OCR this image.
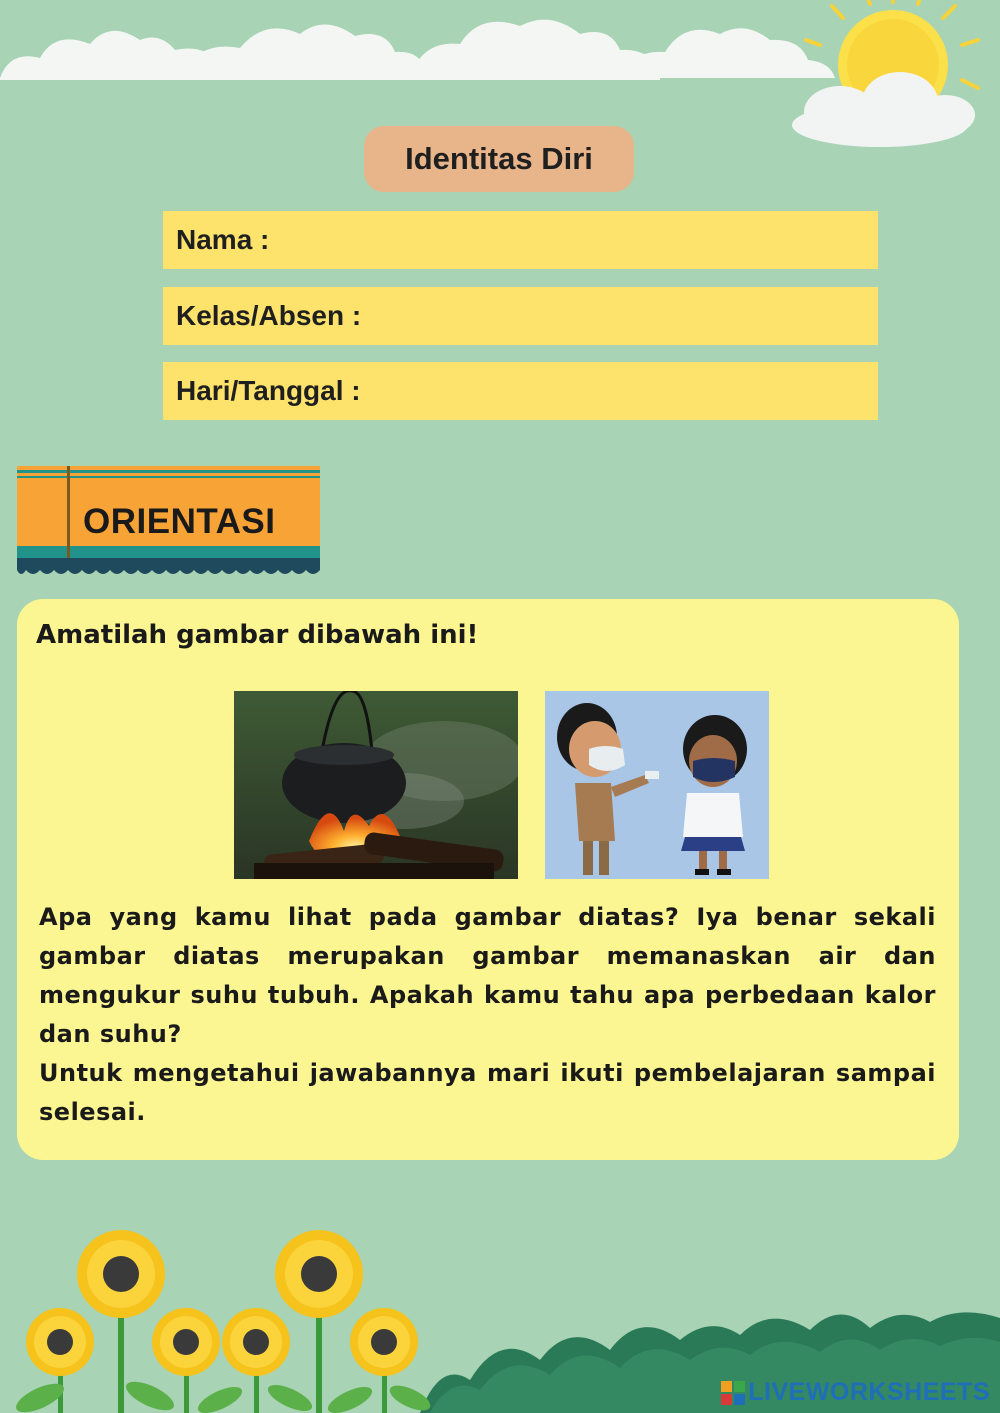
Identitas Diri
Nama :
Kelas/Absen :
Hari/Tanggal :
ORIENTASI
Amatilah gambar dibawah ini!
Apa yang kamu lihat pada gambar diatas? Iya benar sekali gambar diatas merupakan gambar memanaskan air dan mengukur suhu tubuh. Apakah kamu tahu apa perbedaan kalor dan suhu?
Untuk mengetahui jawabannya mari ikuti pembelajaran sampai selesai.
LIVEWORKSHEETS
